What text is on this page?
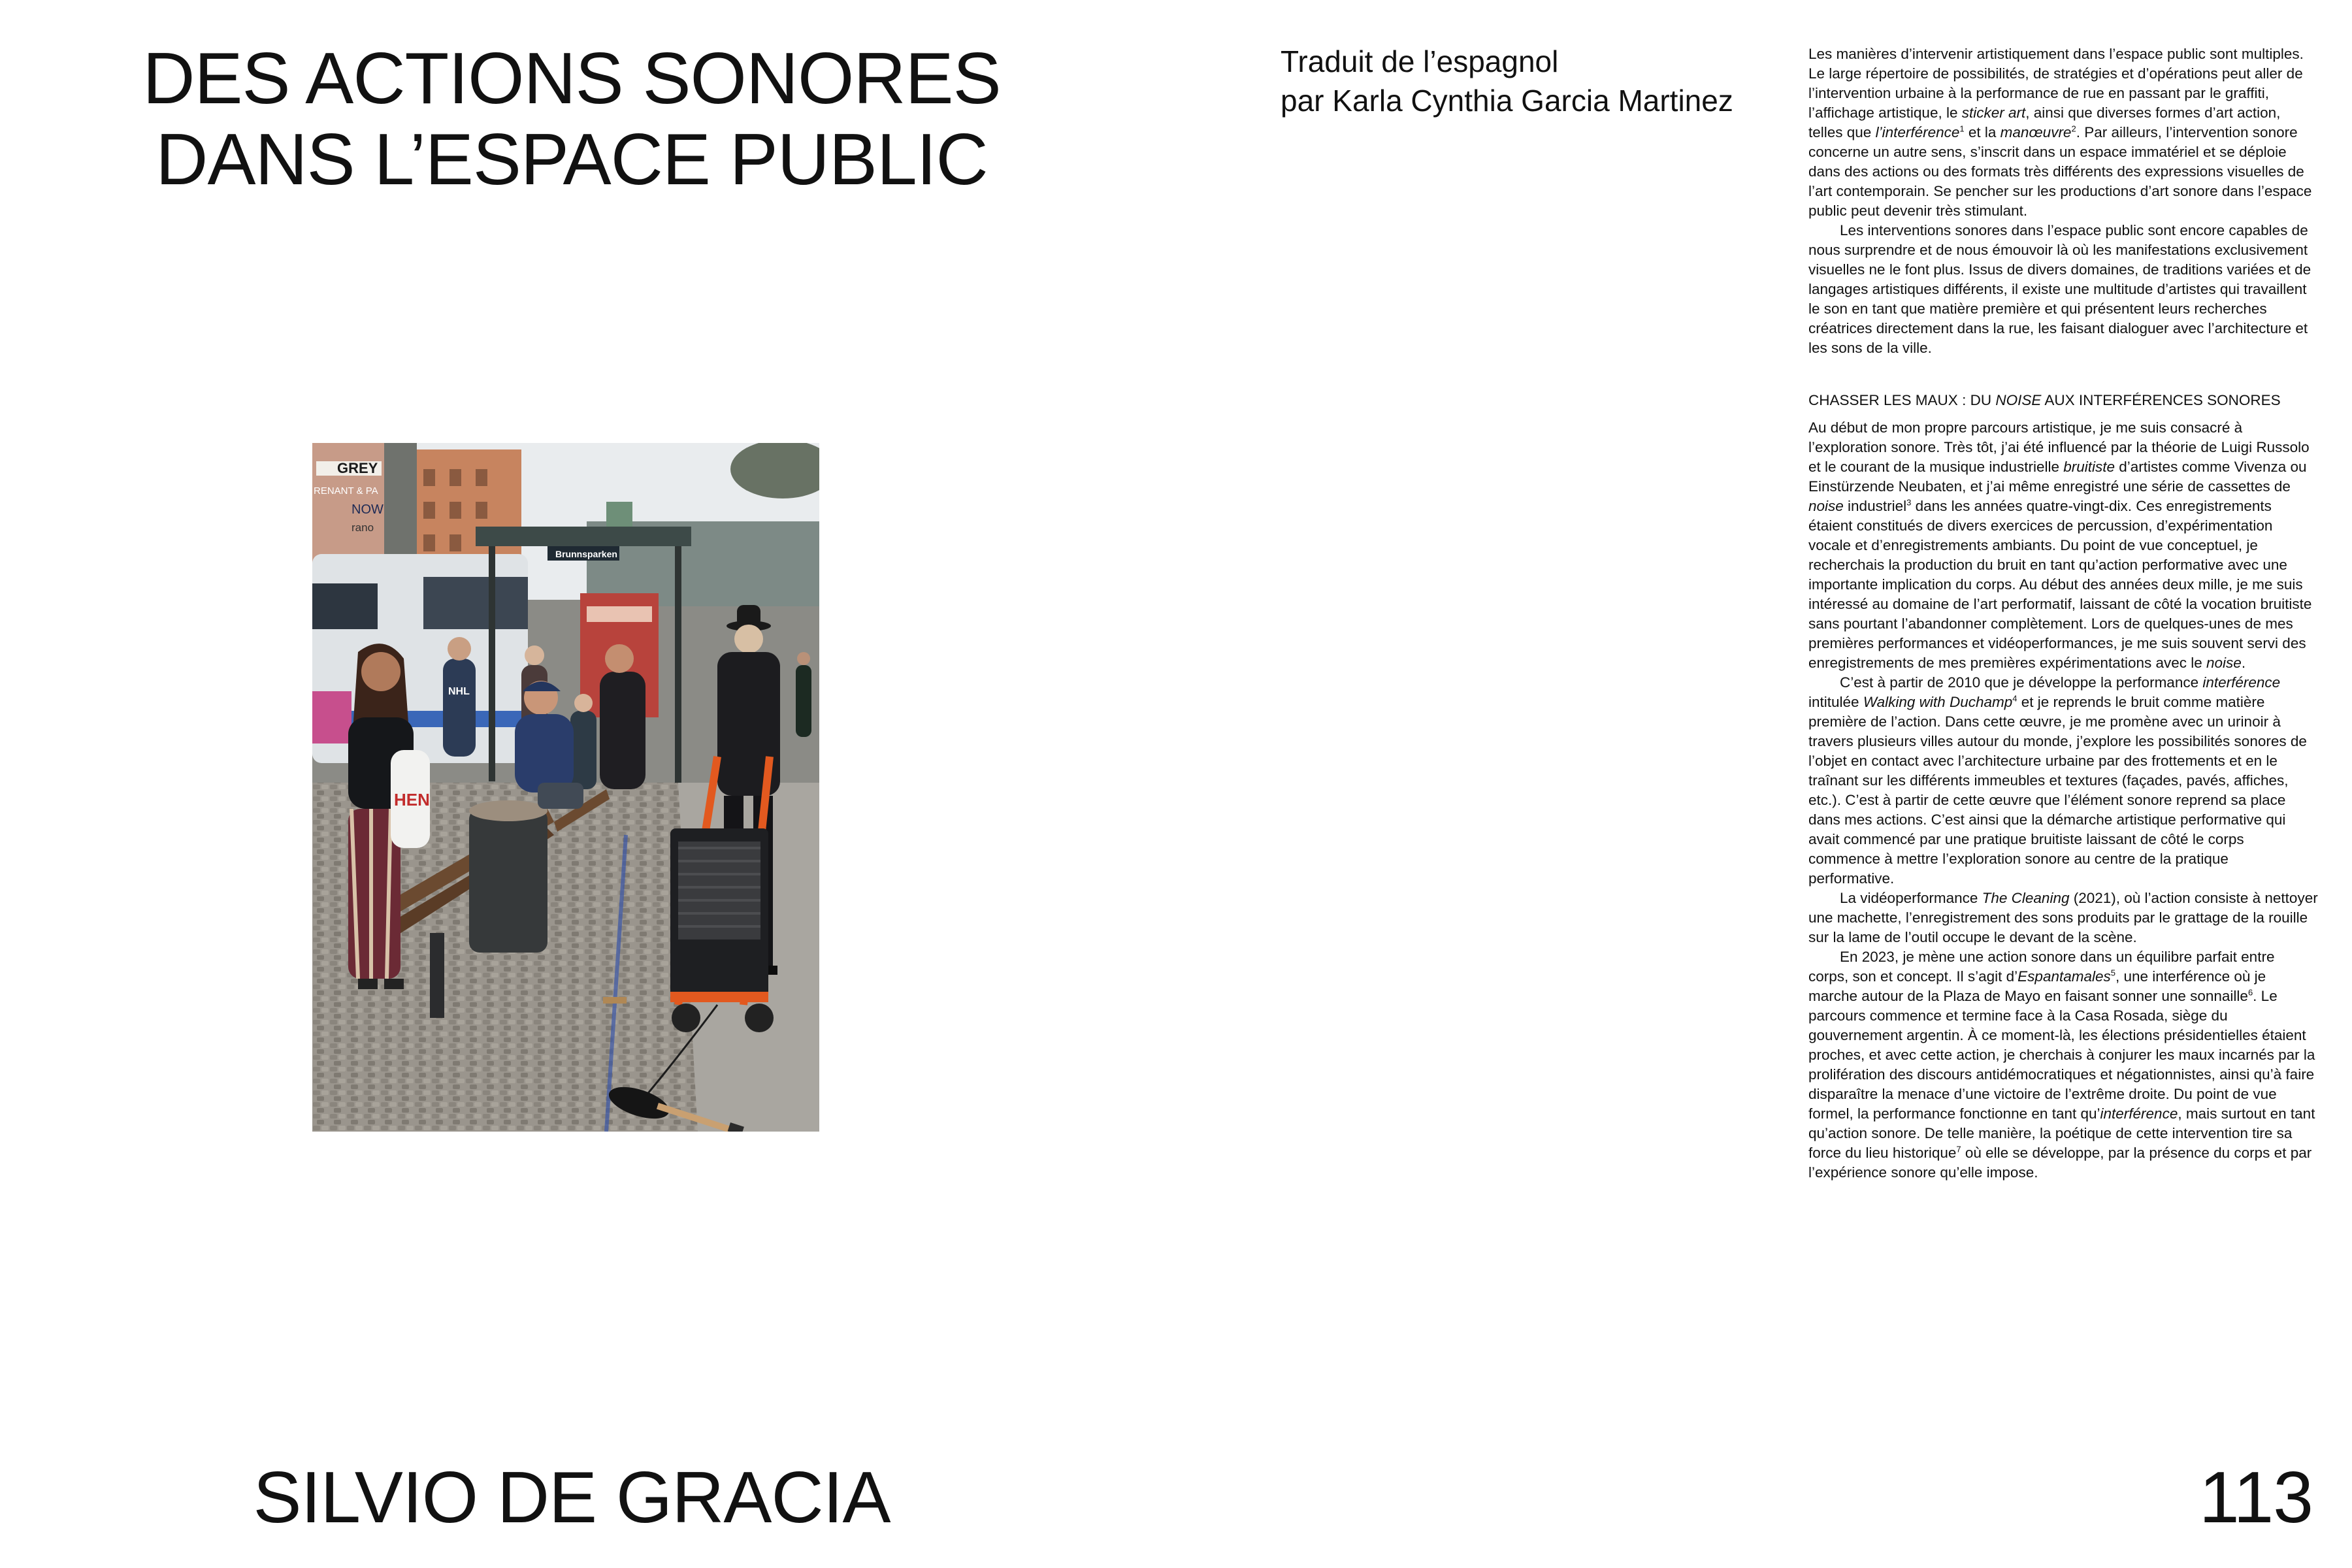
DES ACTIONS SONORES
DANS L’ESPACE PUBLIC

Traduit de l’espagnol
par Karla Cynthia Garcia Martinez

Les manières d’intervenir artistiquement dans l’espace public sont multiples. Le large répertoire de possibilités, de stratégies et d’opérations peut aller de l’intervention urbaine à la performance de rue en passant par le graffiti, l’affichage artistique, le sticker art, ainsi que diverses formes d’art action, telles que l’interférence$^1$ et la manœuvre$^2$. Par ailleurs, l’intervention sonore concerne un autre sens, s’inscrit dans un espace immatériel et se déploie dans des actions ou des formats très différents des expressions visuelles de l’art contemporain. Se pencher sur les productions d’art sonore dans l’espace public peut devenir très stimulant.

Les interventions sonores dans l’espace public sont encore capables de nous surprendre et de nous émouvoir là où les manifestations exclusivement visuelles ne le font plus. Issus de divers domaines, de traditions variées et de langages artistiques différents, il existe une multitude d’artistes qui travaillent le son en tant que matière première et qui présentent leurs recherches créatrices directement dans la rue, les faisant dialoguer avec l’architecture et les sons de la ville.

CHASSER LES MAUX : DU NOISE AUX INTERFÉRENCES SONORES

Au début de mon propre parcours artistique, je me suis consacré à l’exploration sonore. Très tôt, j’ai été influencé par la théorie de Luigi Russolo et le courant de la musique industrielle bruitiste d’artistes comme Vivenza ou Einstürzende Neubaten, et j’ai même enregistré une série de cassettes de noise industriel$^3$ dans les années quatre-vingt-dix. Ces enregistrements étaient constitués de divers exercices de percussion, d’expérimentation vocale et d’enregistrements ambiants. Du point de vue conceptuel, je recherchais la production du bruit en tant qu’action performative avec une importante implication du corps. Au début des années deux mille, je me suis intéressé au domaine de l’art performatif, laissant de côté la vocation bruitiste sans pourtant l’abandonner complètement. Lors de quelques-unes de mes premières performances et vidéoperformances, je me suis souvent servi des enregistrements de mes premières expérimentations avec le noise.

C’est à partir de 2010 que je développe la performance interférence intitulée Walking with Duchamp$^4$ et je reprends le bruit comme matière première de l’action. Dans cette œuvre, je me promène avec un urinoir à travers plusieurs villes autour du monde, j’explore les possibilités sonores de l’objet en contact avec l’architecture urbaine par des frottements et en le traînant sur les différents immeubles et textures (façades, pavés, affiches, etc.). C’est à partir de cette œuvre que l’élément sonore reprend sa place dans mes actions. C’est ainsi que la démarche artistique performative qui avait commencé par une pratique bruitiste laissant de côté le corps commence à mettre l’exploration sonore au centre de la pratique performative.

La vidéoperformance The Cleaning (2021), où l’action consiste à nettoyer une machette, l’enregistrement des sons produits par le grattage de la rouille sur la lame de l’outil occupe le devant de la scène.

En 2023, je mène une action sonore dans un équilibre parfait entre corps, son et concept. Il s’agit d’Espantamales$^5$, une interférence où je marche autour de la Plaza de Mayo en faisant sonner une sonnaille$^6$. Le parcours commence et termine face à la Casa Rosada, siège du gouvernement argentin. À ce moment-là, les élections présidentielles étaient proches, et avec cette action, je cherchais à conjurer les maux incarnés par la prolifération des discours antidémocratiques et négationnistes, ainsi qu’à faire disparaître la menace d’une victoire de l’extrême droite. Du point de vue formel, la performance fonctionne en tant qu’interférence, mais surtout en tant qu’action sonore. De telle manière, la poétique de cette intervention tire sa force du lieu historique$^7$ où elle se développe, par la présence du corps et par l’expérience sonore qu’elle impose.

GREY
RENANT & PA
NOW
rano
Brunnsparken
NHL
HEN

SILVIO DE GRACIA	113
